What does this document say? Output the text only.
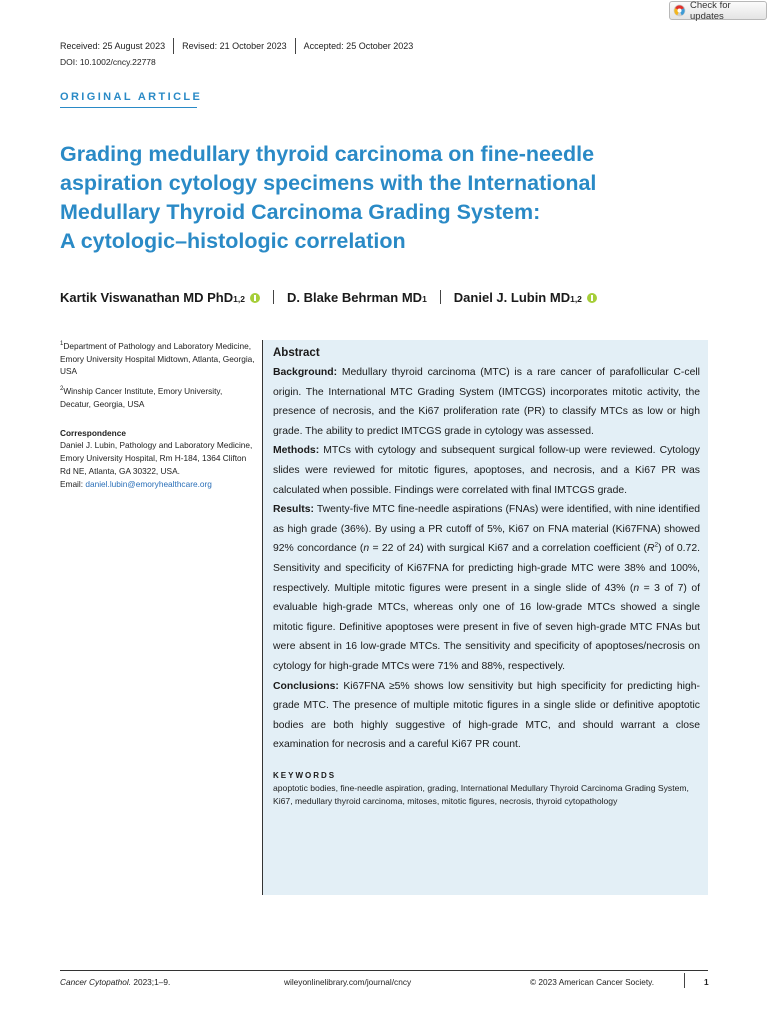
Check for updates
Received: 25 August 2023	Revised: 21 October 2023	Accepted: 25 October 2023
DOI: 10.1002/cncy.22778
ORIGINAL ARTICLE
Grading medullary thyroid carcinoma on fine-needle
aspiration cytology specimens with the International
Medullary Thyroid Carcinoma Grading System:
A cytologic–histologic correlation
Kartik Viswanathan MD PhD 1,2	D. Blake Behrman MD 1 Daniel J. Lubin MD 1,2
$^1$Department of Pathology and Laboratory Medicine, Emory University Hospital Midtown, Atlanta, Georgia, USA
$^2$Winship Cancer Institute, Emory University, Decatur, Georgia, USA
Correspondence
Daniel J. Lubin, Pathology and Laboratory Medicine, Emory University Hospital, Rm H-184, 1364 Clifton Rd NE, Atlanta, GA 30322, USA.
Email: daniel.lubin@emoryhealthcare.org
Abstract
Background: Medullary thyroid carcinoma (MTC) is a rare cancer of parafollicular C-cell origin. The International MTC Grading System (IMTCGS) incorporates mitotic activity, the presence of necrosis, and the Ki67 proliferation rate (PR) to classify MTCs as low or high grade. The ability to predict IMTCGS grade in cytology was assessed.
Methods: MTCs with cytology and subsequent surgical follow-up were reviewed. Cytology slides were reviewed for mitotic figures, apoptoses, and necrosis, and a Ki67 PR was calculated when possible. Findings were correlated with final IMTCGS grade.
Results: Twenty-five MTC fine-needle aspirations (FNAs) were identified, with nine identified as high grade (36%). By using a PR cutoff of 5%, Ki67 on FNA material (Ki67FNA) showed 92% concordance (n = 22 of 24) with surgical Ki67 and a correlation coefficient $(R^2)$ of 0.72. Sensitivity and specificity of Ki67FNA for predicting high-grade MTC were 38% and 100%, respectively. Multiple mitotic figures were present in a single slide of 43% (n = 3 of 7) of evaluable high-grade MTCs, whereas only one of 16 low-grade MTCs showed a single mitotic figure. Definitive apoptoses were present in five of seven high-grade MTC FNAs but were absent in 16 low-grade MTCs. The sensitivity and specificity of apoptoses/necrosis on cytology for high-grade MTCs were 71% and 88%, respectively.
Conclusions: Ki67FNA ≥5% shows low sensitivity but high specificity for predicting high-grade MTC. The presence of multiple mitotic figures in a single slide or definitive apoptotic bodies are both highly suggestive of high-grade MTC, and should warrant a close examination for necrosis and a careful Ki67 PR count.
KEYWORDS
apoptotic bodies, fine-needle aspiration, grading, International Medullary Thyroid Carcinoma Grading System, Ki67, medullary thyroid carcinoma, mitoses, mitotic figures, necrosis, thyroid cytopathology
Cancer Cytopathol. 2023;1–9.	wileyonlinelibrary.com/journal/cncy	© 2023 American Cancer Society.	1
